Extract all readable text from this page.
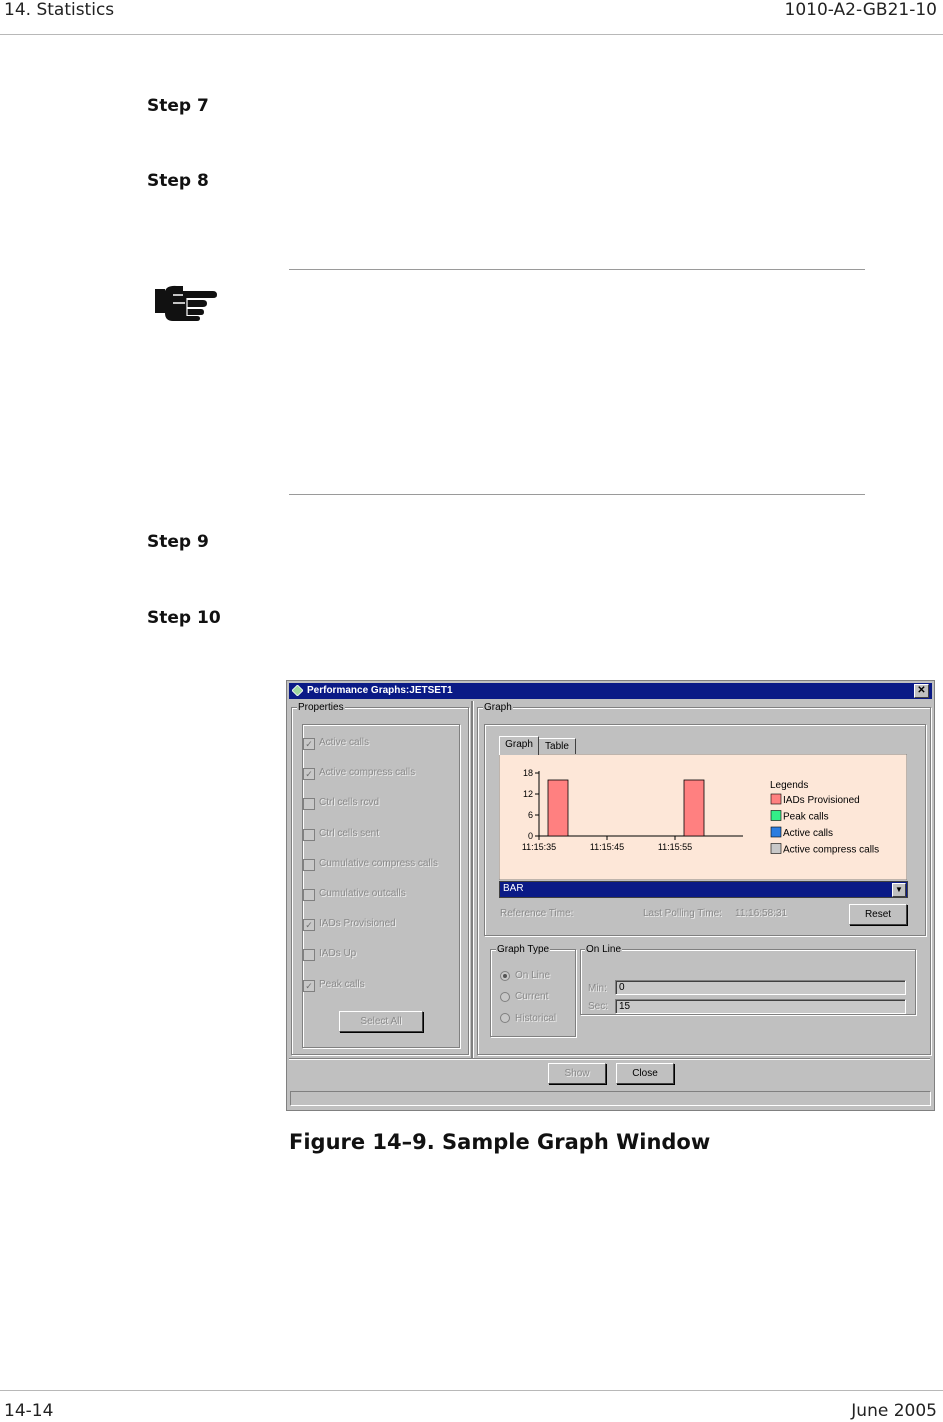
14. Statistics	1010-A2-GB21-10
Step 7
Step 8
Step 9
Step 10
Performance Graphs:JETSET1	✕
Properties
✓ Active calls
✓ Active compress calls
Ctrl cells rcvd
Ctrl cells sent
Cumulative compress calls
Cumulative outcalls
✓ IADs Provisioned
IADs Up
✓ Peak calls
Select All
Graph
Graph	Table
0
6
12
18
11:15:35	11:15:45	11:15:55
Legends
IADs Provisioned
Peak calls
Active calls
Active compress calls
BAR	▼
Reference Time:	Last Polling Time: 11:16:58:31	Reset
Graph Type
On Line
Current
Historical
On Line
Min:	0
Sec:	15
Show	Close
Figure 14–9. Sample Graph Window
14-14	June 2005
